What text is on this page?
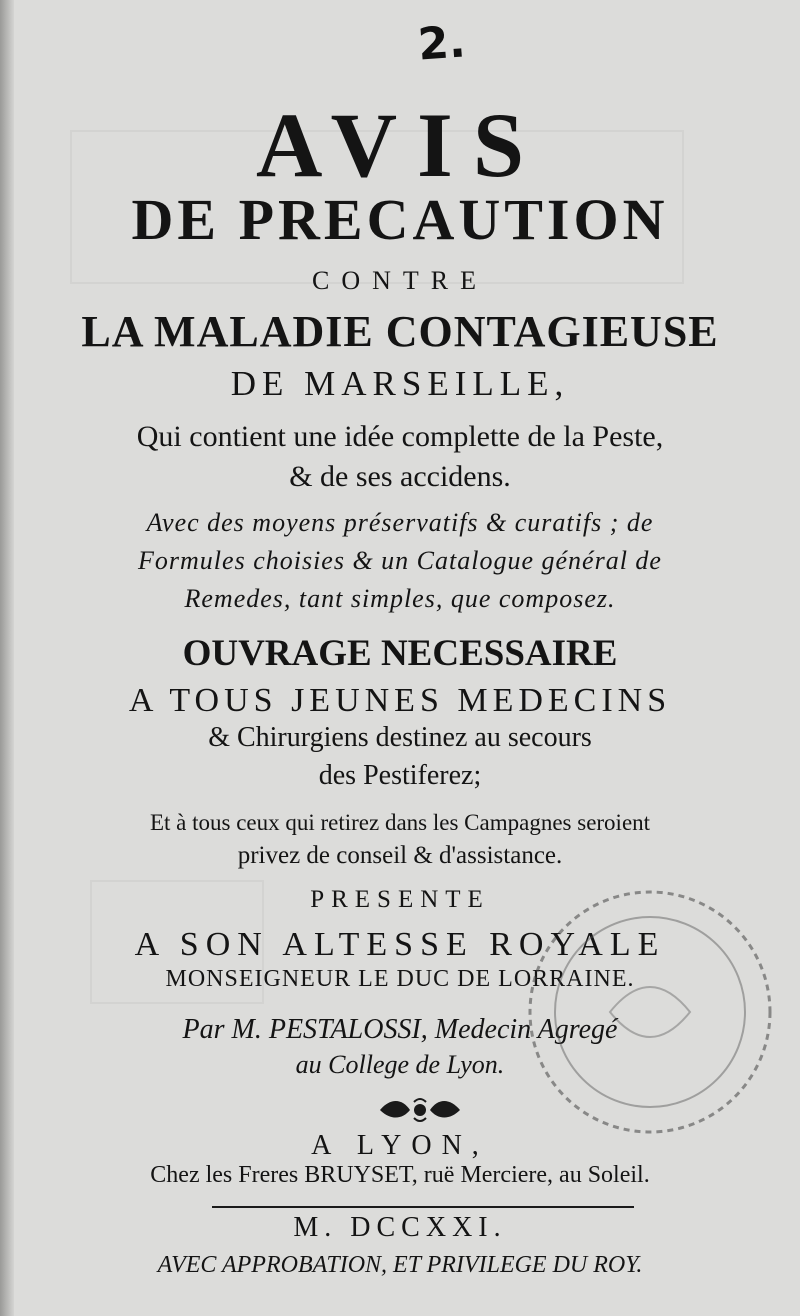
2.
AVIS
DE PRECAUTION
CONTRE
LA MALADIE CONTAGIEUSE
DE MARSEILLE,
Qui contient une idée complette de la Peste,
& de ses accidens.
Avec des moyens préservatifs & curatifs ; de
Formules choisies & un Catalogue général de
Remedes, tant simples, que composez.
OUVRAGE NECESSAIRE
A TOUS JEUNES MEDECINS
& Chirurgiens destinez au secours
des Pestiferez;
Et à tous ceux qui retirez dans les Campagnes seroient
privez de conseil & d'assistance.
PRESENTE
A SON ALTESSE ROYALE
MONSEIGNEUR LE DUC DE LORRAINE.
Par M. PESTALOSSI, Medecin Agregé
au College de Lyon.
A LYON,
Chez les Freres BRUYSET, ruë Merciere, au Soleil.
M. DCCXXI.
AVEC APPROBATION, ET PRIVILEGE DU ROY.
